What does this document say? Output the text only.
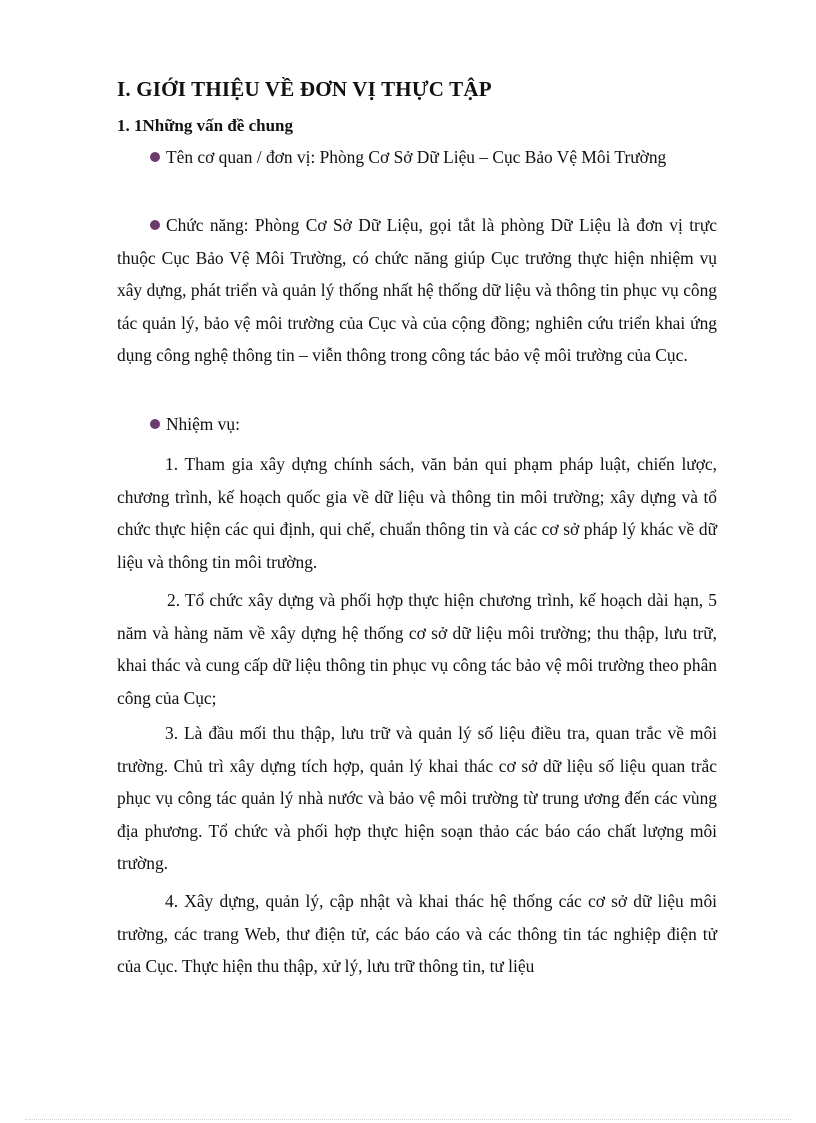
I. GIỚI THIỆU VỀ ĐƠN VỊ THỰC TẬP
1. 1Những vấn đề chung
Tên cơ quan / đơn vị: Phòng Cơ Sở Dữ Liệu – Cục Bảo Vệ Môi Trường
Chức năng: Phòng Cơ Sở Dữ Liệu, gọi tắt là phòng Dữ Liệu là đơn vị trực thuộc Cục Bảo Vệ Môi Trường, có chức năng giúp Cục trưởng thực hiện nhiệm vụ xây dựng, phát triển và quản lý thống nhất hệ thống dữ liệu và thông tin phục vụ công tác quản lý, bảo vệ môi trường của Cục và của cộng đồng; nghiên cứu triển khai ứng dụng công nghệ thông tin – viễn thông trong công tác bảo vệ môi trường của Cục.
Nhiệm vụ:
1. Tham gia xây dựng chính sách, văn bản qui phạm pháp luật, chiến lược, chương trình, kế hoạch quốc gia về dữ liệu và thông tin môi trường; xây dựng và tổ chức thực hiện các qui định, qui chế, chuẩn thông tin và các cơ sở pháp lý khác về dữ liệu và thông tin môi trường.
2. Tổ chức xây dựng và phối hợp thực hiện chương trình, kế hoạch dài hạn, 5 năm và hàng năm về xây dựng hệ thống cơ sở dữ liệu môi trường; thu thập, lưu trữ, khai thác và cung cấp dữ liệu thông tin phục vụ công tác bảo vệ môi trường theo phân công của Cục;
3. Là đầu mối thu thập, lưu trữ và quản lý số liệu điều tra, quan trắc về môi trường. Chủ trì xây dựng tích hợp, quản lý khai thác cơ sở dữ liệu số liệu quan trắc phục vụ công tác quản lý nhà nước và bảo vệ môi trường từ trung ương đến các vùng địa phương. Tổ chức và phối hợp thực hiện soạn thảo các báo cáo chất lượng môi trường.
4. Xây dựng, quản lý, cập nhật và khai thác hệ thống các cơ sở dữ liệu môi trường, các trang Web, thư điện tử, các báo cáo và các thông tin tác nghiệp điện tử của Cục. Thực hiện thu thập, xử lý, lưu trữ thông tin, tư liệu
